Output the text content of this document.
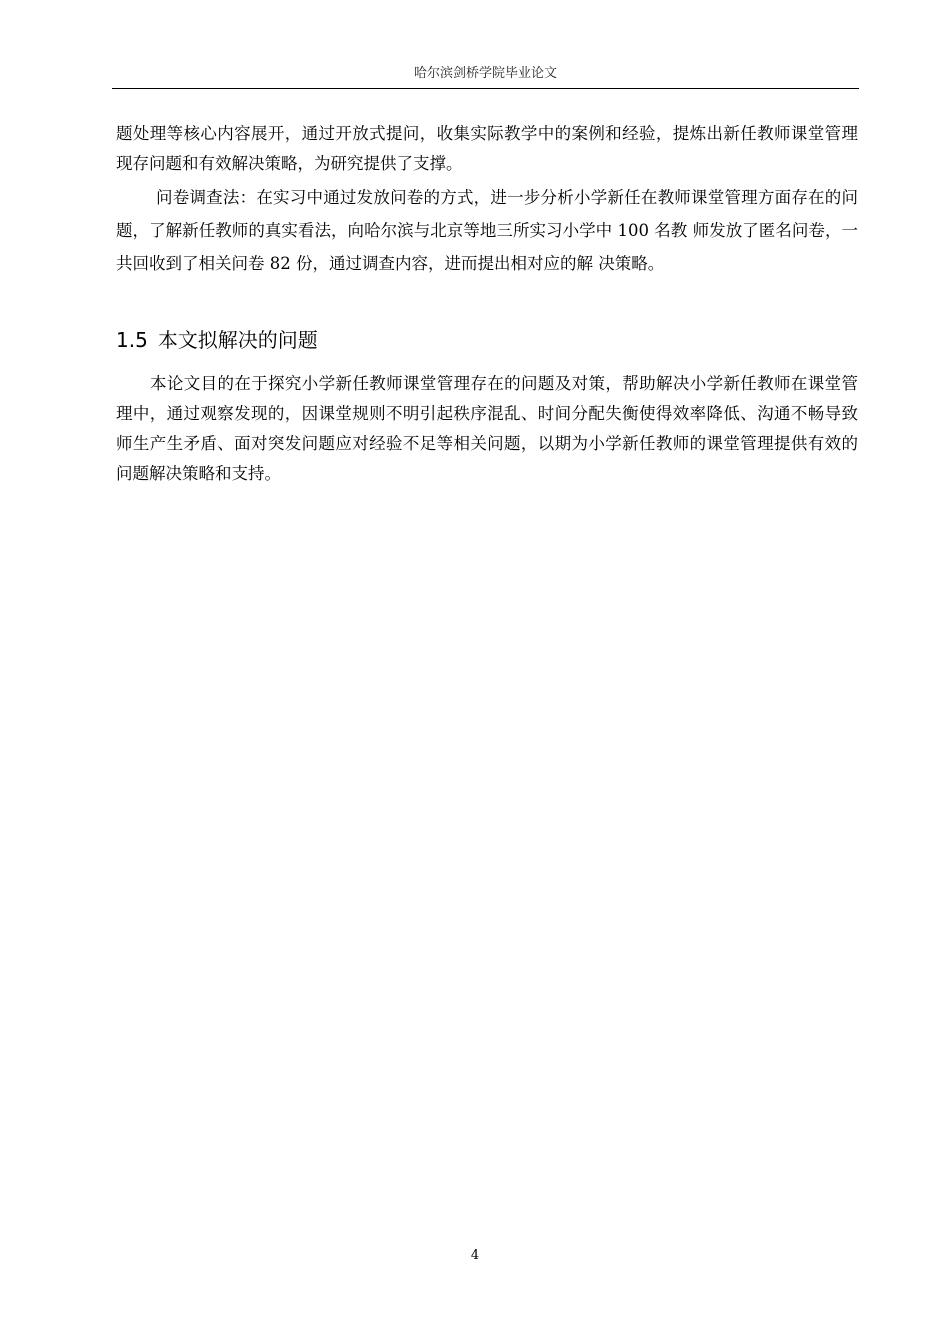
哈尔滨剑桥学院毕业论文

题处理等核心内容展开，通过开放式提问，收集实际教学中的案例和经验，提炼出新任教师课堂管理现存问题和有效解决策略，为研究提供了支撑。

问卷调查法：在实习中通过发放问卷的方式，进一步分析小学新任在教师课堂管理方面存在的问题，了解新任教师的真实看法，向哈尔滨与北京等地三所实习小学中 100 名教 师发放了匿名问卷，一共回收到了相关问卷 82 份，通过调查内容，进而提出相对应的解 决策略。

1.5 本文拟解决的问题

本论文目的在于探究小学新任教师课堂管理存在的问题及对策，帮助解决小学新任教师在课堂管理中，通过观察发现的，因课堂规则不明引起秩序混乱、时间分配失衡使得效率降低、沟通不畅导致师生产生矛盾、面对突发问题应对经验不足等相关问题，以期为小学新任教师的课堂管理提供有效的问题解决策略和支持。

4
